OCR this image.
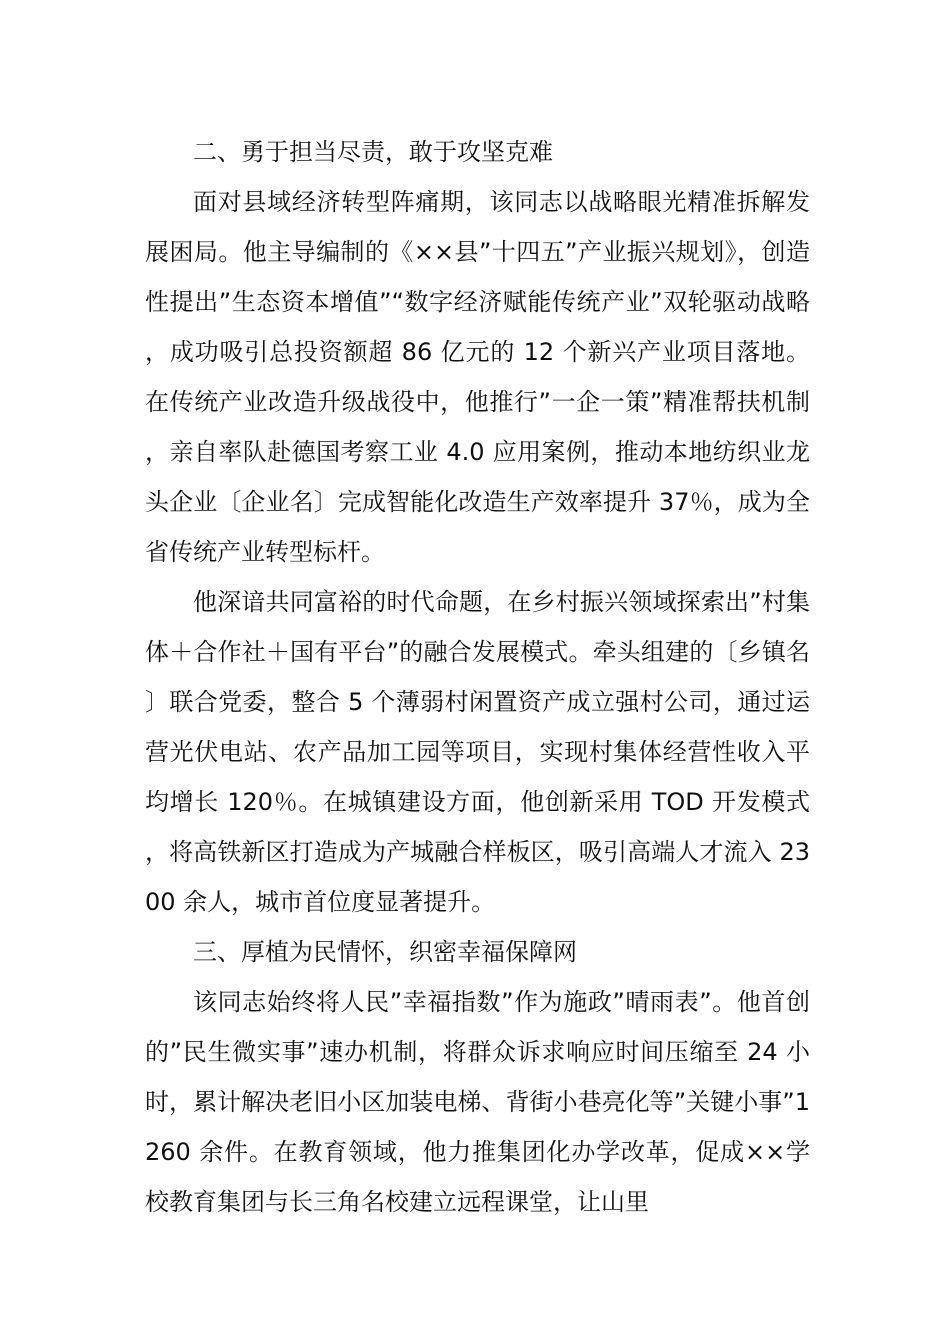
二、勇于担当尽责，敢于攻坚克难

面对县域经济转型阵痛期，该同志以战略眼光精准拆解发展困局。他主导编制的《××县”十四五”产业振兴规划》，创造性提出”生态资本增值”“数字经济赋能传统产业”双轮驱动战略，成功吸引总投资额超 86 亿元的 12 个新兴产业项目落地。在传统产业改造升级战役中，他推行”一企一策”精准帮扶机制，亲自率队赴德国考察工业 4.0 应用案例，推动本地纺织业龙头企业〔企业名〕完成智能化改造生产效率提升 37％，成为全省传统产业转型标杆。

他深谙共同富裕的时代命题，在乡村振兴领域探索出”村集体＋合作社＋国有平台”的融合发展模式。牵头组建的〔乡镇名〕联合党委，整合 5 个薄弱村闲置资产成立强村公司，通过运营光伏电站、农产品加工园等项目，实现村集体经营性收入平均增长 120％。在城镇建设方面，他创新采用 TOD 开发模式，将高铁新区打造成为产城融合样板区，吸引高端人才流入 2300 余人，城市首位度显著提升。

三、厚植为民情怀，织密幸福保障网

该同志始终将人民”幸福指数”作为施政”晴雨表”。他首创的”民生微实事”速办机制，将群众诉求响应时间压缩至 24 小时，累计解决老旧小区加装电梯、背街小巷亮化等”关键小事”1260 余件。在教育领域，他力推集团化办学改革，促成××学校教育集团与长三角名校建立远程课堂，让山里
